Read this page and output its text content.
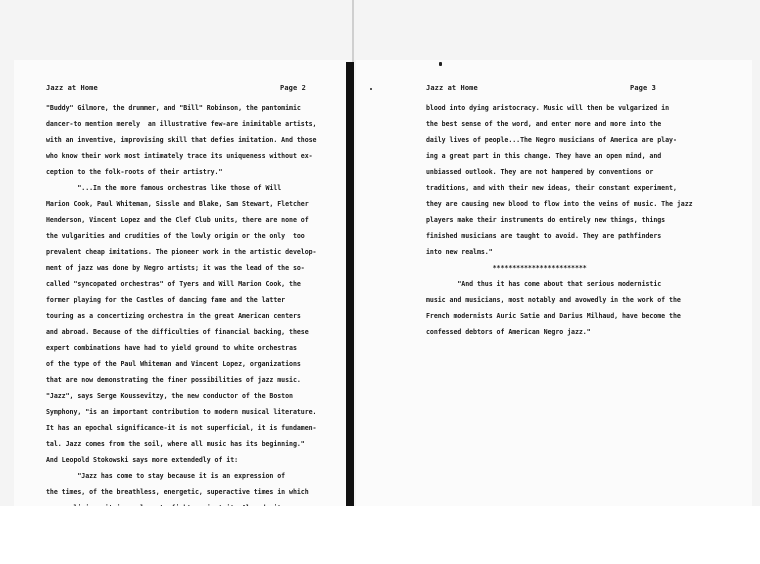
Jazz at Home	Page 2
"Buddy" Gilmore, the drummer, and "Bill" Robinson, the pantomimic
dancer-to mention merely  an illustrative few-are inimitable artists,
with an inventive, improvising skill that defies imitation. And those
who know their work most intimately trace its uniqueness without ex-
ception to the folk-roots of their artistry."
"...In the more famous orchestras like those of Will
Marion Cook, Paul Whiteman, Sissle and Blake, Sam Stewart, Fletcher
Henderson, Vincent Lopez and the Clef Club units, there are none of
the vulgarities and crudities of the lowly origin or the only  too
prevalent cheap imitations. The pioneer work in the artistic develop-
ment of jazz was done by Negro artists; it was the lead of the so-
called "syncopated orchestras" of Tyers and Will Marion Cook, the
former playing for the Castles of dancing fame and the latter
touring as a concertizing orchestra in the great American centers
and abroad. Because of the difficulties of financial backing, these
expert combinations have had to yield ground to white orchestras
of the type of the Paul Whiteman and Vincent Lopez, organizations
that are now demonstrating the finer possibilities of jazz music.
"Jazz", says Serge Koussevitzy, the new conductor of the Boston
Symphony, "is an important contribution to modern musical literature.
It has an epochal significance-it is not superficial, it is fundamen-
tal. Jazz comes from the soil, where all music has its beginning."
And Leopold Stokowski says more extendedly of it:
"Jazz has come to stay because it is an expression of
the times, of the breathless, energetic, superactive times in which
Jazz at Home	Page 3
blood into dying aristocracy. Music will then be vulgarized in
the best sense of the word, and enter more and more into the
daily lives of people...The Negro musicians of America are play-
ing a great part in this change. They have an open mind, and
unbiassed outlook. They are not hampered by conventions or
traditions, and with their new ideas, their constant experiment,
they are causing new blood to flow into the veins of music. The jazz
players make their instruments do entirely new things, things
finished musicians are taught to avoid. They are pathfinders
into new realms."
************************
"And thus it has come about that serious modernistic
music and musicians, most notably and avowedly in the work of the
French modernists Auric Satie and Darius Milhaud, have become the
confessed debtors of American Negro jazz."
